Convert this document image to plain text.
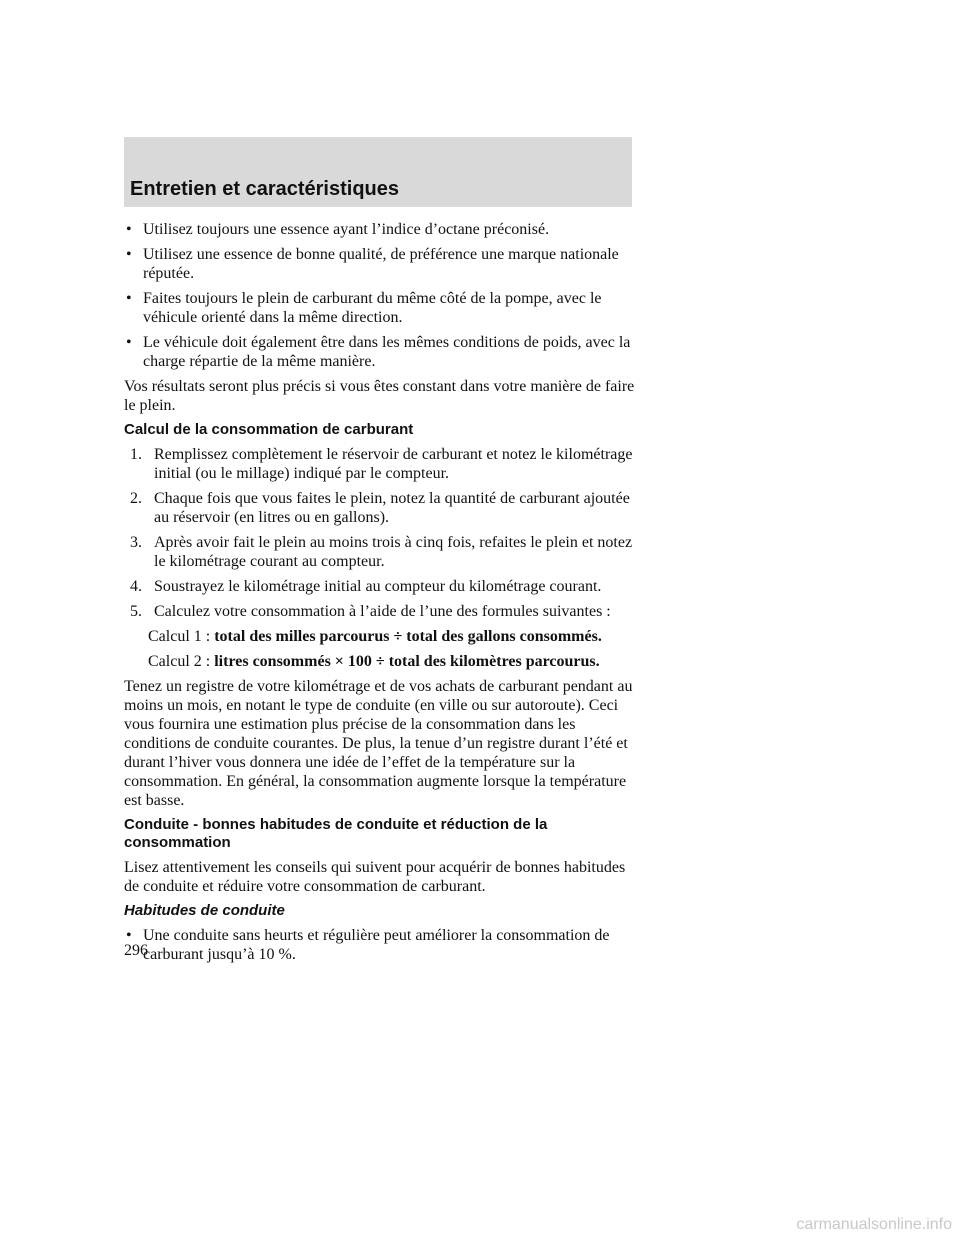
Entretien et caractéristiques
• Utilisez toujours une essence ayant l’indice d’octane préconisé.
• Utilisez une essence de bonne qualité, de préférence une marque nationale réputée.
• Faites toujours le plein de carburant du même côté de la pompe, avec le véhicule orienté dans la même direction.
• Le véhicule doit également être dans les mêmes conditions de poids, avec la charge répartie de la même manière.

Vos résultats seront plus précis si vous êtes constant dans votre manière de faire le plein.

Calcul de la consommation de carburant
1. Remplissez complètement le réservoir de carburant et notez le kilométrage initial (ou le millage) indiqué par le compteur.
2. Chaque fois que vous faites le plein, notez la quantité de carburant ajoutée au réservoir (en litres ou en gallons).
3. Après avoir fait le plein au moins trois à cinq fois, refaites le plein et notez le kilométrage courant au compteur.
4. Soustrayez le kilométrage initial au compteur du kilométrage courant.
5. Calculez votre consommation à l’aide de l’une des formules suivantes :

Calcul 1 : total des milles parcourus ÷ total des gallons consommés.

Calcul 2 : litres consommés × 100 ÷ total des kilomètres parcourus.

Tenez un registre de votre kilométrage et de vos achats de carburant pendant au moins un mois, en notant le type de conduite (en ville ou sur autoroute). Ceci vous fournira une estimation plus précise de la consommation dans les conditions de conduite courantes. De plus, la tenue d’un registre durant l’été et durant l’hiver vous donnera une idée de l’effet de la température sur la consommation. En général, la consommation augmente lorsque la température est basse.

Conduite - bonnes habitudes de conduite et réduction de la consommation

Lisez attentivement les conseils qui suivent pour acquérir de bonnes habitudes de conduite et réduire votre consommation de carburant.

Habitudes de conduite
• Une conduite sans heurts et régulière peut améliorer la consommation de carburant jusqu’à 10 %.
296
carmanualsonline.info
